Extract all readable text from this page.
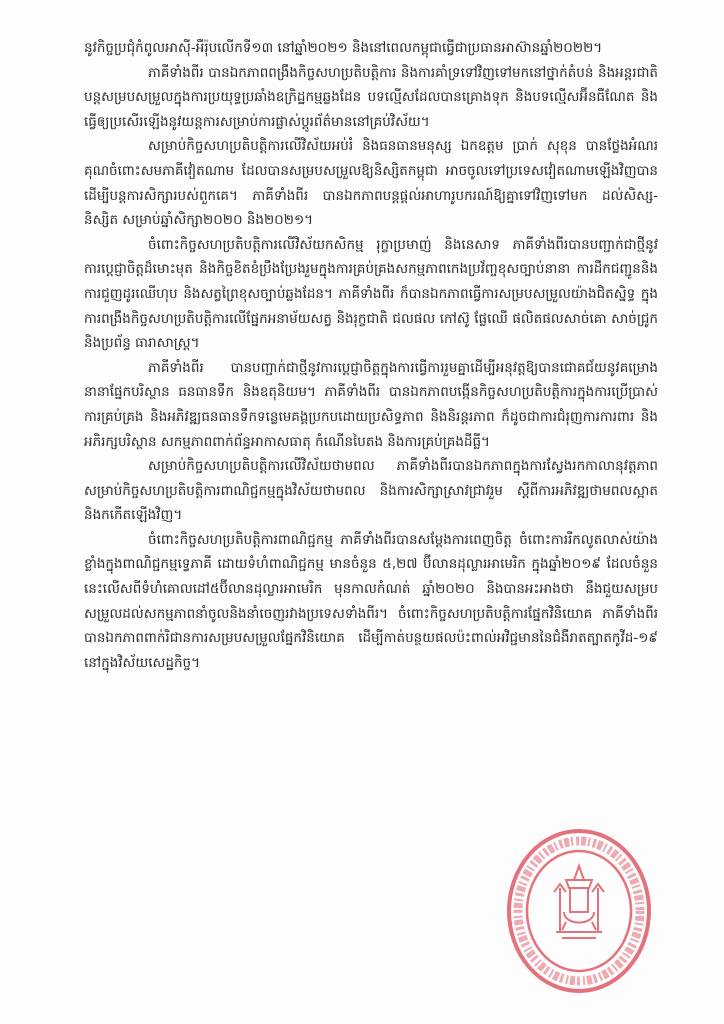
នូវកិច្ចប្រជុំកំពូលអាស៊ី-អឺរ៉ុបលើកទី១៣ នៅឆ្នាំ២០២១ និងនៅពេលកម្ពុជាធ្វើជាប្រធានអាស៊ានឆ្នាំ២០២២។

ភាគីទាំងពីរ បានឯកភាពពង្រឹងកិច្ចសហប្រតិបត្តិការ និងការគាំទ្រទៅវិញទៅមកនៅថ្នាក់តំបន់ និងអន្តរជាតិ បន្តសម្របសម្រួលក្នុងការប្រយុទ្ធប្រឆាំងឧក្រិដ្ឋកម្មឆ្លងដែន បទល្មើសដែលបានគ្រោងទុក និងបទល្មើសអ៊ីនធឺណែត និងធ្វើឲ្យប្រសើរឡើងនូវយន្តការសម្រាប់ការផ្លាស់ប្តូរព័ត៌មាននៅគ្រប់វិស័យ។

សម្រាប់កិច្ចសហប្រតិបត្តិការលើវិស័យអប់រំ និងធនធានមនុស្ស ឯកឧត្តម ប្រាក់ សុខុន បានថ្លែងអំណរគុណចំពោះសមភាគីវៀតណាម ដែលបានសម្របសម្រួលឱ្យនិស្សិតកម្ពុជា អាចចូលទៅប្រទេសវៀតណាមឡើងវិញបាន ដើម្បីបន្តការសិក្សារបស់ពួកគេ។ ភាគីទាំងពីរ បានឯកភាពបន្តផ្តល់អាហារូបករណ៍ឱ្យគ្នាទៅវិញទៅមក ដល់សិស្ស-និស្សិត សម្រាប់ឆ្នាំសិក្សា២០២០ និង២០២១។

ចំពោះកិច្ចសហប្រតិបត្តិការលើវិស័យកសិកម្ម រុក្ខាប្រមាញ់ និងនេសាទ ភាគីទាំងពីរបានបញ្ជាក់ជាថ្មីនូវការប្តេជ្ញាចិត្តដ៏មោះមុត និងកិច្ចខិតខំប្រឹងប្រែងរួមក្នុងការគ្រប់គ្រងសកម្មភាពកេងប្រវ័ញ្ចខុសច្បាប់នានា ការដឹកជញ្ជូននិងការជួញដូរឈើហុប និងសត្វព្រៃខុសច្បាប់ឆ្លងដែន។ ភាគីទាំងពីរ ក៏បានឯកភាពធ្វើការសម្របសម្រួលយ៉ាងជិតស្និទ្ធ ក្នុងការពង្រឹងកិច្ចសហប្រតិបត្តិការលើផ្នែកអនាម័យសត្វ និងរុក្ខជាតិ ជលផល កៅស៊ូ ផ្លែឈើ ផលិតផលសាច់គោ សាច់ជ្រូក និងប្រព័ន្ធ ធារាសាស្ត្រ។

ភាគីទាំងពីរ បានបញ្ជាក់ជាថ្មីនូវការប្តេជ្ញាចិត្តក្នុងការធ្វើការរួមគ្នាដើម្បីអនុវត្តឱ្យបានជោគជ័យនូវគម្រោងនានាផ្នែកបរិស្ថាន ធនធានទឹក និងឧតុនិយម។ ភាគីទាំងពីរ បានឯកភាពបង្កើនកិច្ចសហប្រតិបត្តិការក្នុងការប្រើប្រាស់ ការគ្រប់គ្រង និងអភិវឌ្ឍធនធានទឹកទន្លេមេគង្គប្រកបដោយប្រសិទ្ធភាព និងនិរន្តរភាព ក៏ដូចជាការជំរុញការការពារ និងអភិរក្សបរិស្ថាន សកម្មភាពពាក់ព័ន្ធអាកាសធាតុ កំណើនបៃតង និងការគ្រប់គ្រងដីធ្លី។

សម្រាប់កិច្ចសហប្រតិបត្តិការលើវិស័យថាមពល ភាគីទាំងពីរបានឯកភាពក្នុងការស្វែងរកកាលានុវត្តភាព សម្រាប់កិច្ចសហប្រតិបត្តិការពាណិជ្ជកម្មក្នុងវិស័យថាមពល និងការសិក្សាស្រាវជ្រាវរួម ស្តីពីការអភិវឌ្ឍថាមពលស្អាត និងកកើតឡើងវិញ។

ចំពោះកិច្ចសហប្រតិបត្តិការពាណិជ្ជកម្ម ភាគីទាំងពីរបានសម្តែងការពេញចិត្ត ចំពោះការរីកលូតលាស់យ៉ាងខ្លាំងក្នុងពាណិជ្ជកម្មទ្វេភាគី ដោយទំហំពាណិជ្ជកម្ម មានចំនួន ៥,២៧ ប៊ីលានដុល្លារអាមេរិក ក្នុងឆ្នាំ២០១៩ ដែលចំនួននេះលើសពីទំហំគោលដៅ៥ប៊ីលានដុល្លារអាមេរិក មុនកាលកំណត់ ឆ្នាំ២០២០ និងបានអះអាងថា នឹងជួយសម្របសម្រួលដល់សកម្មភាពនាំចូលនិងនាំចេញរវាងប្រទេសទាំងពីរ។ ចំពោះកិច្ចសហប្រតិបត្តិការផ្នែកវិនិយោគ ភាគីទាំងពីរបានឯកភាពពាក់រិជានការសម្របសម្រួលផ្នែកវិនិយោគ ដើម្បីកាត់បន្ថយផលប៉ះពាល់អវិជ្ជមាននៃជំងឺរាតត្បាតកូវីដ-១៩ នៅក្នុងវិស័យសេដ្ឋកិច្ច។
